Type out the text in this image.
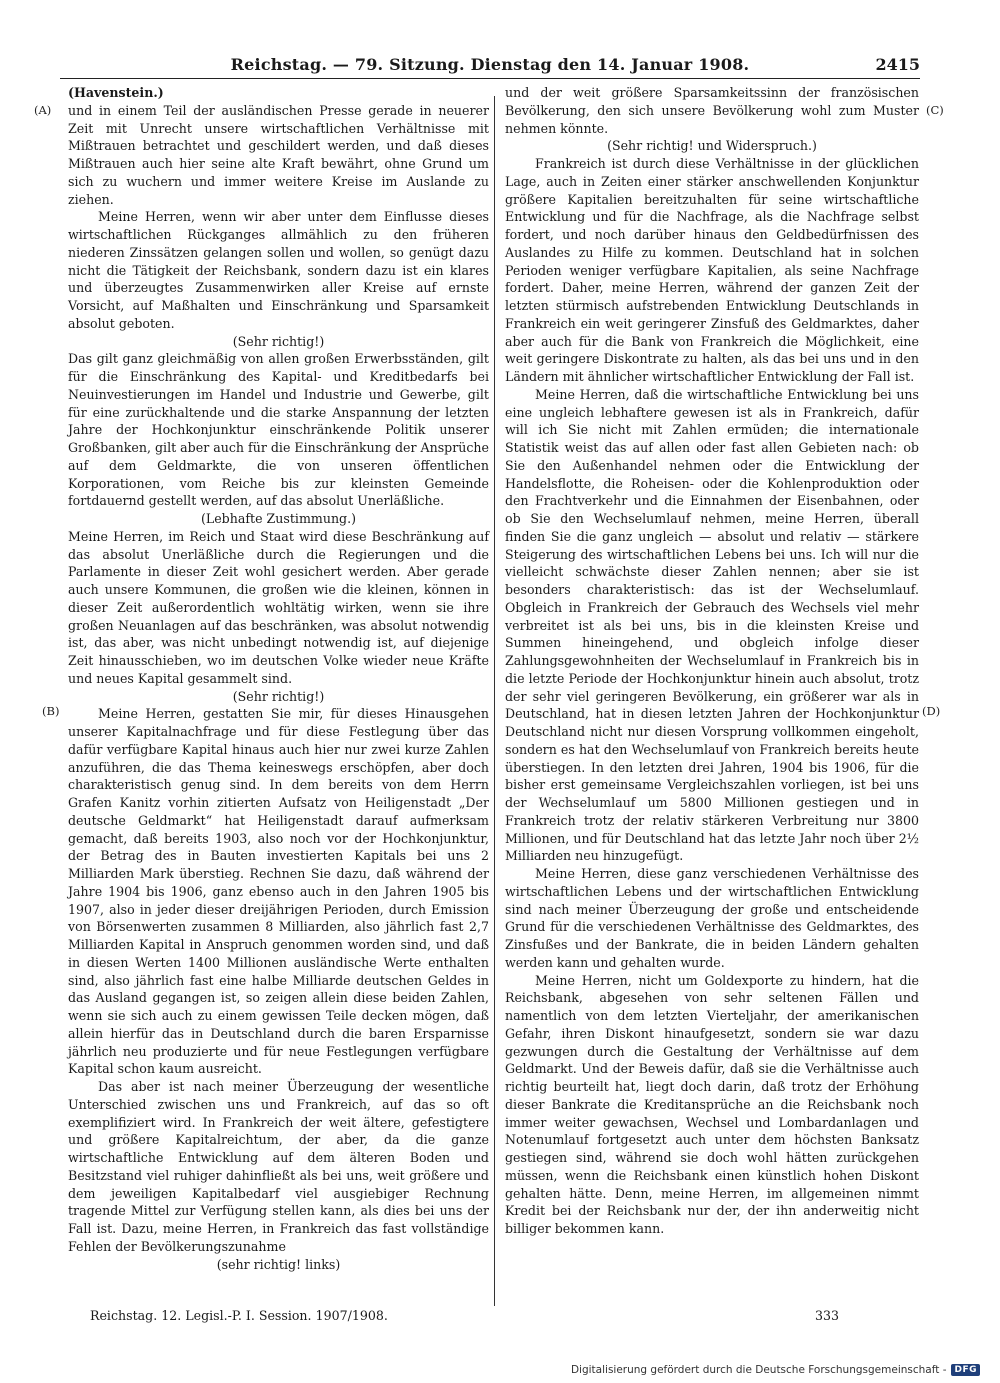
Reichstag. — 79. Sitzung. Dienstag den 14. Januar 1908.	2415
(A)
(B)
(C)
(D)

(Havenstein.)

und in einem Teil der ausländischen Presse gerade in neuerer Zeit mit Unrecht unsere wirtschaftlichen Verhältnisse mit Mißtrauen betrachtet und geschildert werden, und daß dieses Mißtrauen auch hier seine alte Kraft bewährt, ohne Grund um sich zu wuchern und immer weitere Kreise im Auslande zu ziehen.

Meine Herren, wenn wir aber unter dem Einflusse dieses wirtschaftlichen Rückganges allmählich zu den früheren niederen Zinssätzen gelangen sollen und wollen, so genügt dazu nicht die Tätigkeit der Reichsbank, sondern dazu ist ein klares und überzeugtes Zusammenwirken aller Kreise auf ernste Vorsicht, auf Maßhalten und Einschränkung und Sparsamkeit absolut geboten.

(Sehr richtig!)

Das gilt ganz gleichmäßig von allen großen Erwerbsständen, gilt für die Einschränkung des Kapital- und Kreditbedarfs bei Neuinvestierungen im Handel und Industrie und Gewerbe, gilt für eine zurückhaltende und die starke Anspannung der letzten Jahre der Hochkonjunktur einschränkende Politik unserer Großbanken, gilt aber auch für die Einschränkung der Ansprüche auf dem Geldmarkte, die von unseren öffentlichen Korporationen, vom Reiche bis zur kleinsten Gemeinde fortdauernd gestellt werden, auf das absolut Unerläßliche.

(Lebhafte Zustimmung.)

Meine Herren, im Reich und Staat wird diese Beschränkung auf das absolut Unerläßliche durch die Regierungen und die Parlamente in dieser Zeit wohl gesichert werden. Aber gerade auch unsere Kommunen, die großen wie die kleinen, können in dieser Zeit außerordentlich wohltätig wirken, wenn sie ihre großen Neuanlagen auf das beschränken, was absolut notwendig ist, das aber, was nicht unbedingt notwendig ist, auf diejenige Zeit hinausschieben, wo im deutschen Volke wieder neue Kräfte und neues Kapital gesammelt sind.

(Sehr richtig!)

Meine Herren, gestatten Sie mir, für dieses Hinausgehen unserer Kapitalnachfrage und für diese Festlegung über das dafür verfügbare Kapital hinaus auch hier nur zwei kurze Zahlen anzuführen, die das Thema keineswegs erschöpfen, aber doch charakteristisch genug sind. In dem bereits von dem Herrn Grafen Kanitz vorhin zitierten Aufsatz von Heiligenstadt „Der deutsche Geldmarkt“ hat Heiligenstadt darauf aufmerksam gemacht, daß bereits 1903, also noch vor der Hochkonjunktur, der Betrag des in Bauten investierten Kapitals bei uns 2 Milliarden Mark überstieg. Rechnen Sie dazu, daß während der Jahre 1904 bis 1906, ganz ebenso auch in den Jahren 1905 bis 1907, also in jeder dieser dreijährigen Perioden, durch Emission von Börsenwerten zusammen 8 Milliarden, also jährlich fast 2,7 Milliarden Kapital in Anspruch genommen worden sind, und daß in diesen Werten 1400 Millionen ausländische Werte enthalten sind, also jährlich fast eine halbe Milliarde deutschen Geldes in das Ausland gegangen ist, so zeigen allein diese beiden Zahlen, wenn sie sich auch zu einem gewissen Teile decken mögen, daß allein hierfür das in Deutschland durch die baren Ersparnisse jährlich neu produzierte und für neue Festlegungen verfügbare Kapital schon kaum ausreicht.

Das aber ist nach meiner Überzeugung der wesentliche Unterschied zwischen uns und Frankreich, auf das so oft exemplifiziert wird. In Frankreich der weit ältere, gefestigtere und größere Kapitalreichtum, der aber, da die ganze wirtschaftliche Entwicklung auf dem älteren Boden und Besitzstand viel ruhiger dahinfließt als bei uns, weit größere und dem jeweiligen Kapitalbedarf viel ausgiebiger Rechnung tragende Mittel zur Verfügung stellen kann, als dies bei uns der Fall ist. Dazu, meine Herren, in Frankreich das fast vollständige Fehlen der Bevölkerungszunahme

(sehr richtig! links)

und der weit größere Sparsamkeitssinn der französischen Bevölkerung, den sich unsere Bevölkerung wohl zum Muster nehmen könnte.

(Sehr richtig! und Widerspruch.)

Frankreich ist durch diese Verhältnisse in der glücklichen Lage, auch in Zeiten einer stärker anschwellenden Konjunktur größere Kapitalien bereitzuhalten für seine wirtschaftliche Entwicklung und für die Nachfrage, als die Nachfrage selbst fordert, und noch darüber hinaus den Geldbedürfnissen des Auslandes zu Hilfe zu kommen. Deutschland hat in solchen Perioden weniger verfügbare Kapitalien, als seine Nachfrage fordert. Daher, meine Herren, während der ganzen Zeit der letzten stürmisch aufstrebenden Entwicklung Deutschlands in Frankreich ein weit geringerer Zinsfuß des Geldmarktes, daher aber auch für die Bank von Frankreich die Möglichkeit, eine weit geringere Diskontrate zu halten, als das bei uns und in den Ländern mit ähnlicher wirtschaftlicher Entwicklung der Fall ist.

Meine Herren, daß die wirtschaftliche Entwicklung bei uns eine ungleich lebhaftere gewesen ist als in Frankreich, dafür will ich Sie nicht mit Zahlen ermüden; die internationale Statistik weist das auf allen oder fast allen Gebieten nach: ob Sie den Außenhandel nehmen oder die Entwicklung der Handelsflotte, die Roheisen- oder die Kohlenproduktion oder den Frachtverkehr und die Einnahmen der Eisenbahnen, oder ob Sie den Wechselumlauf nehmen, meine Herren, überall finden Sie die ganz ungleich — absolut und relativ — stärkere Steigerung des wirtschaftlichen Lebens bei uns. Ich will nur die vielleicht schwächste dieser Zahlen nennen; aber sie ist besonders charakteristisch: das ist der Wechselumlauf. Obgleich in Frankreich der Gebrauch des Wechsels viel mehr verbreitet ist als bei uns, bis in die kleinsten Kreise und Summen hineingehend, und obgleich infolge dieser Zahlungsgewohnheiten der Wechselumlauf in Frankreich bis in die letzte Periode der Hochkonjunktur hinein auch absolut, trotz der sehr viel geringeren Bevölkerung, ein größerer war als in Deutschland, hat in diesen letzten Jahren der Hochkonjunktur Deutschland nicht nur diesen Vorsprung vollkommen eingeholt, sondern es hat den Wechselumlauf von Frankreich bereits heute überstiegen. In den letzten drei Jahren, 1904 bis 1906, für die bisher erst gemeinsame Vergleichszahlen vorliegen, ist bei uns der Wechselumlauf um 5800 Millionen gestiegen und in Frankreich trotz der relativ stärkeren Verbreitung nur 3800 Millionen, und für Deutschland hat das letzte Jahr noch über 2½ Milliarden neu hinzugefügt.

Meine Herren, diese ganz verschiedenen Verhältnisse des wirtschaftlichen Lebens und der wirtschaftlichen Entwicklung sind nach meiner Überzeugung der große und entscheidende Grund für die verschiedenen Verhältnisse des Geldmarktes, des Zinsfußes und der Bankrate, die in beiden Ländern gehalten werden kann und gehalten wurde.

Meine Herren, nicht um Goldexporte zu hindern, hat die Reichsbank, abgesehen von sehr seltenen Fällen und namentlich von dem letzten Vierteljahr, der amerikanischen Gefahr, ihren Diskont hinaufgesetzt, sondern sie war dazu gezwungen durch die Gestaltung der Verhältnisse auf dem Geldmarkt. Und der Beweis dafür, daß sie die Verhältnisse auch richtig beurteilt hat, liegt doch darin, daß trotz der Erhöhung dieser Bankrate die Kreditansprüche an die Reichsbank noch immer weiter gewachsen, Wechsel und Lombardanlagen und Notenumlauf fortgesetzt auch unter dem höchsten Banksatz gestiegen sind, während sie doch wohl hätten zurückgehen müssen, wenn die Reichsbank einen künstlich hohen Diskont gehalten hätte. Denn, meine Herren, im allgemeinen nimmt Kredit bei der Reichsbank nur der, der ihn anderweitig nicht billiger bekommen kann.

Reichstag. 12. Legisl.-P. I. Session. 1907/1908.	333
Digitalisierung gefördert durch die Deutsche Forschungsgemeinschaft - DFG
